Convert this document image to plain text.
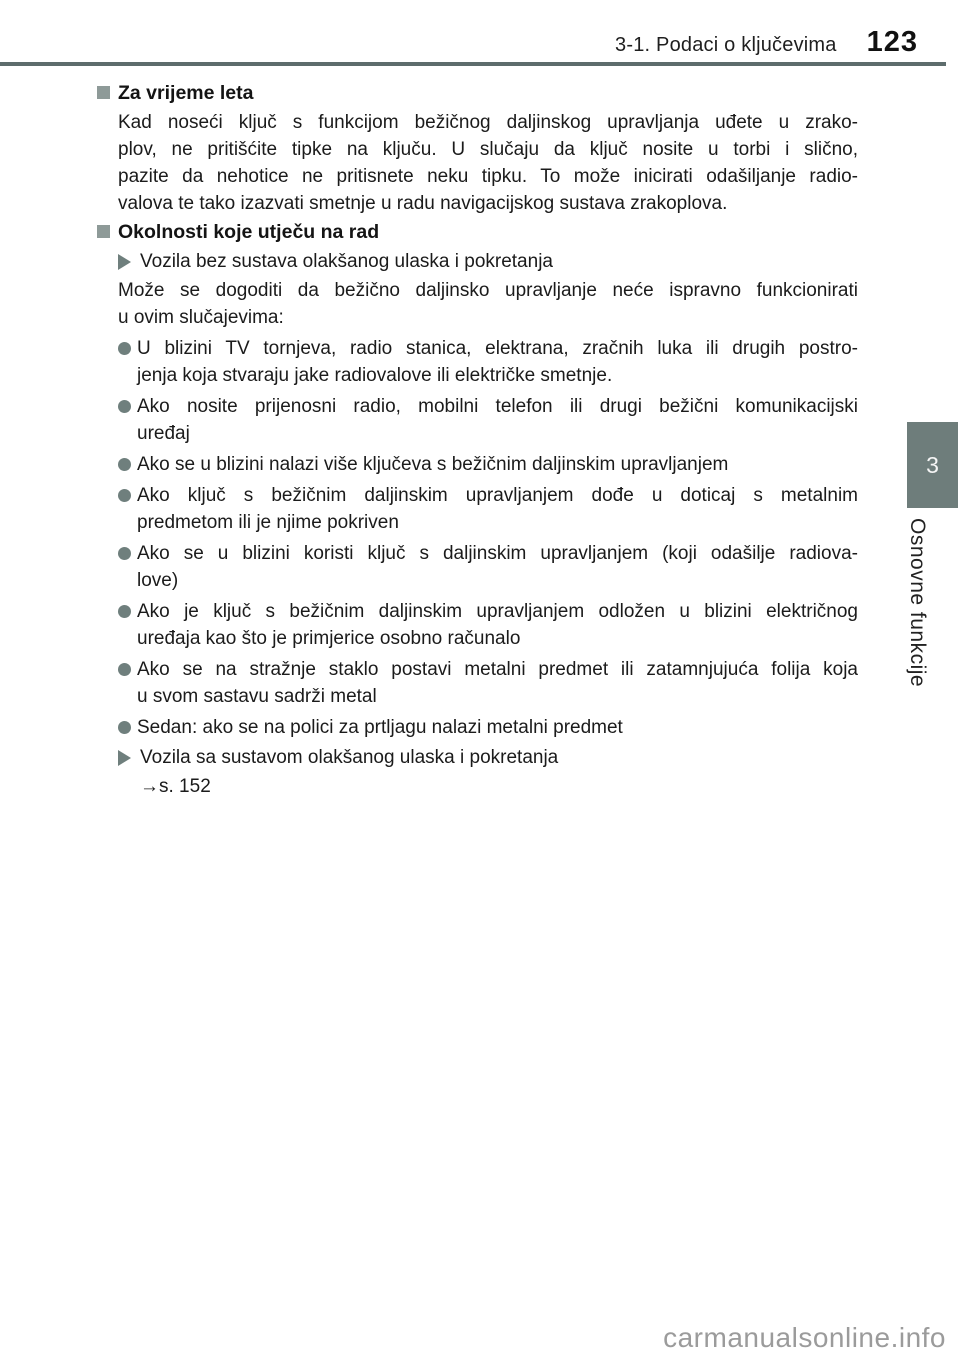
3-1. Podaci o ključevima 123
Za vrijeme leta
Kad noseći ključ s funkcijom bežičnog daljinskog upravljanja uđete u zrako-
plov, ne pritišćite tipke na ključu. U slučaju da ključ nosite u torbi i slično,
pazite da nehotice ne pritisnete neku tipku. To može inicirati odašiljanje radio-
valova te tako izazvati smetnje u radu navigacijskog sustava zrakoplova.
Okolnosti koje utječu na rad
Vozila bez sustava olakšanog ulaska i pokretanja
Može se dogoditi da bežično daljinsko upravljanje neće ispravno funkcionirati
u ovim slučajevima:
U blizini TV tornjeva, radio stanica, elektrana, zračnih luka ili drugih postro-
jenja koja stvaraju jake radiovalove ili električke smetnje.
Ako nosite prijenosni radio, mobilni telefon ili drugi bežični komunikacijski
uređaj
Ako se u blizini nalazi više ključeva s bežičnim daljinskim upravljanjem
Ako ključ s bežičnim daljinskim upravljanjem dođe u doticaj s metalnim
predmetom ili je njime pokriven
Ako se u blizini koristi ključ s daljinskim upravljanjem (koji odašilje radiova-
love)
Ako je ključ s bežičnim daljinskim upravljanjem odložen u blizini električnog
uređaja kao što je primjerice osobno računalo
Ako se na stražnje staklo postavi metalni predmet ili zatamnjujuća folija koja
u svom sastavu sadrži metal
Sedan: ako se na polici za prtljagu nalazi metalni predmet
Vozila sa sustavom olakšanog ulaska i pokretanja
→s. 152
3
Osnovne funkcije
carmanualsonline.info
